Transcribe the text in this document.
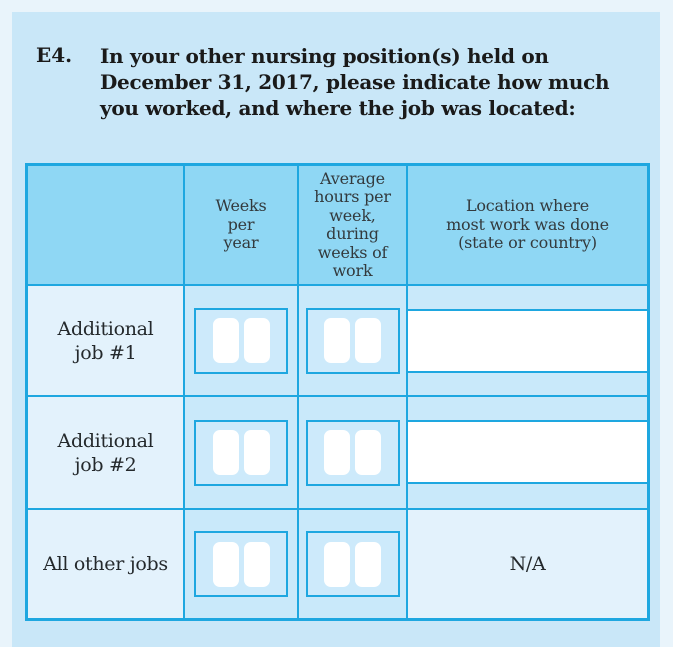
E4. In your other nursing position(s) held on
December 31, 2017, please indicate how much
you worked, and where the job was located:
Weeks
per
year
Average
hours per
week,
during
weeks of
work
Location where
most work was done
(state or country)
Additional
job #1
Additional
job #2
All other jobs	N/A
